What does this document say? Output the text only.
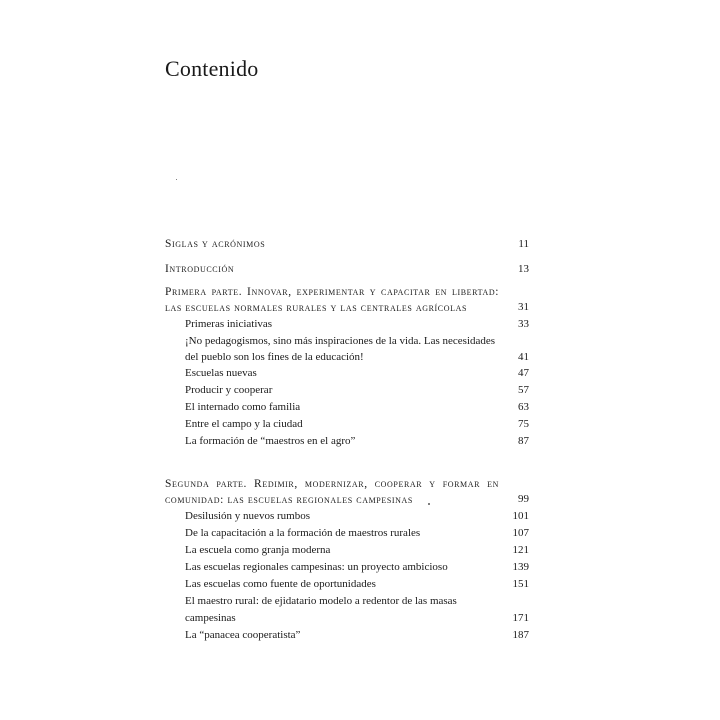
Contenido
Siglas y acrónimos	11
Introducción	13
Primera parte. Innovar, experimentar y capacitar en libertad: las escuelas normales rurales y las centrales agrícolas	31
Primeras iniciativas	33
¡No pedagogismos, sino más inspiraciones de la vida. Las necesidades del pueblo son los fines de la educación!	41
Escuelas nuevas	47
Producir y cooperar	57
El internado como familia	63
Entre el campo y la ciudad	75
La formación de “maestros en el agro”	87
Segunda parte. Redimir, modernizar, cooperar y formar en comunidad: las escuelas regionales campesinas	99
Desilusión y nuevos rumbos	101
De la capacitación a la formación de maestros rurales	107
La escuela como granja moderna	121
Las escuelas regionales campesinas: un proyecto ambicioso	139
Las escuelas como fuente de oportunidades	151
El maestro rural: de ejidatario modelo a redentor de las masas campesinas	171
La “panacea cooperatista”	187
